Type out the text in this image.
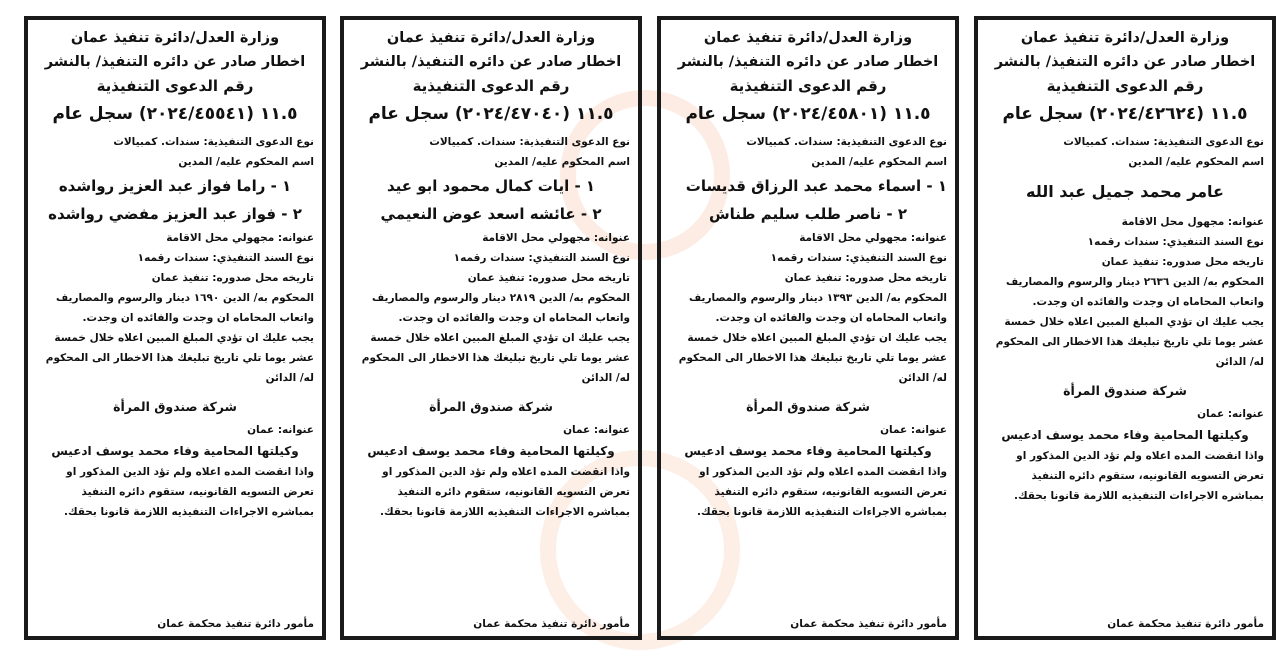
وزارة العدل/دائرة تنفيذ عمان
اخطار صادر عن دائره التنفيذ/ بالنشر
رقم الدعوى التنفيذية
١١.٥ (٢٠٢٤/٤٢٦٢٤) سجل عام
نوع الدعوى التنفيذية: سندات. كمبيالات
اسم المحكوم عليه/ المدين
عامر محمد جميل عبد الله
عنوانه: مجهول محل الاقامة
نوع السند التنفيذي: سندات رقمه١
تاريخه محل صدوره: تنفيذ عمان
المحكوم به/ الدين ٢٦٣٦ دينار والرسوم والمصاريف
واتعاب المحاماه ان وجدت والفائده ان وجدت.
يجب عليك ان تؤدي المبلغ المبين اعلاه خلال خمسة عشر يوما تلي تاريخ تبليغك هذا الاخطار الى المحكوم له/ الدائن
شركة صندوق المرأة
عنوانه: عمان
وكيلتها المحامية وفاء محمد يوسف ادعيس
واذا انقضت المده اعلاه ولم تؤد الدين المذكور او تعرض التسويه القانونيه، ستقوم دائره التنفيذ بمباشره الاجراءات التنفيذيه اللازمة قانونا بحقك.
مأمور دائرة تنفيذ محكمة عمان
وزارة العدل/دائرة تنفيذ عمان
اخطار صادر عن دائره التنفيذ/ بالنشر
رقم الدعوى التنفيذية
١١.٥ (٢٠٢٤/٤٥٨٠١) سجل عام
نوع الدعوى التنفيذية: سندات. كمبيالات
اسم المحكوم عليه/ المدين
١ - اسماء محمد عبد الرزاق قديسات
٢ - ناصر طلب سليم طناش
عنوانه: مجهولي محل الاقامة
نوع السند التنفيذي: سندات رقمه١
تاريخه محل صدوره: تنفيذ عمان
المحكوم به/ الدين ١٣٩٣ دينار والرسوم والمصاريف
واتعاب المحاماه ان وجدت والفائده ان وجدت.
يجب عليك ان تؤدي المبلغ المبين اعلاه خلال خمسة عشر يوما تلي تاريخ تبليغك هذا الاخطار الى المحكوم له/ الدائن
شركة صندوق المرأة
عنوانه: عمان
وكيلتها المحامية وفاء محمد يوسف ادعيس
واذا انقضت المده اعلاه ولم تؤد الدين المذكور او تعرض التسويه القانونيه، ستقوم دائره التنفيذ بمباشره الاجراءات التنفيذيه اللازمة قانونا بحقك.
مأمور دائرة تنفيذ محكمة عمان
وزارة العدل/دائرة تنفيذ عمان
اخطار صادر عن دائره التنفيذ/ بالنشر
رقم الدعوى التنفيذية
١١.٥ (٢٠٢٤/٤٧٠٤٠) سجل عام
نوع الدعوى التنفيذية: سندات. كمبيالات
اسم المحكوم عليه/ المدين
١ - ايات كمال محمود ابو عيد
٢ - عائشه اسعد عوض النعيمي
عنوانه: مجهولي محل الاقامة
نوع السند التنفيذي: سندات رقمه١
تاريخه محل صدوره: تنفيذ عمان
المحكوم به/ الدين ٢٨١٩ دينار والرسوم والمصاريف
واتعاب المحاماه ان وجدت والفائده ان وجدت.
يجب عليك ان تؤدي المبلغ المبين اعلاه خلال خمسة عشر يوما تلي تاريخ تبليغك هذا الاخطار الى المحكوم له/ الدائن
شركة صندوق المرأة
عنوانه: عمان
وكيلتها المحامية وفاء محمد يوسف ادعيس
واذا انقضت المده اعلاه ولم تؤد الدين المذكور او تعرض التسويه القانونيه، ستقوم دائره التنفيذ بمباشره الاجراءات التنفيذيه اللازمة قانونا بحقك.
مأمور دائرة تنفيذ محكمة عمان
وزارة العدل/دائرة تنفيذ عمان
اخطار صادر عن دائره التنفيذ/ بالنشر
رقم الدعوى التنفيذية
١١.٥ (٢٠٢٤/٤٥٥٤١) سجل عام
نوع الدعوى التنفيذية: سندات. كمبيالات
اسم المحكوم عليه/ المدين
١ - راما فواز عبد العزيز رواشده
٢ - فواز عبد العزيز مفضي رواشده
عنوانه: مجهولي محل الاقامة
نوع السند التنفيذي: سندات رقمه١
تاريخه محل صدوره: تنفيذ عمان
المحكوم به/ الدين ١٦٩٠ دينار والرسوم والمصاريف
واتعاب المحاماه ان وجدت والفائده ان وجدت.
يجب عليك ان تؤدي المبلغ المبين اعلاه خلال خمسة عشر يوما تلي تاريخ تبليغك هذا الاخطار الى المحكوم له/ الدائن
شركة صندوق المرأة
عنوانه: عمان
وكيلتها المحامية وفاء محمد يوسف ادعيس
واذا انقضت المده اعلاه ولم تؤد الدين المذكور او تعرض التسويه القانونيه، ستقوم دائره التنفيذ بمباشره الاجراءات التنفيذيه اللازمة قانونا بحقك.
مأمور دائرة تنفيذ محكمة عمان
